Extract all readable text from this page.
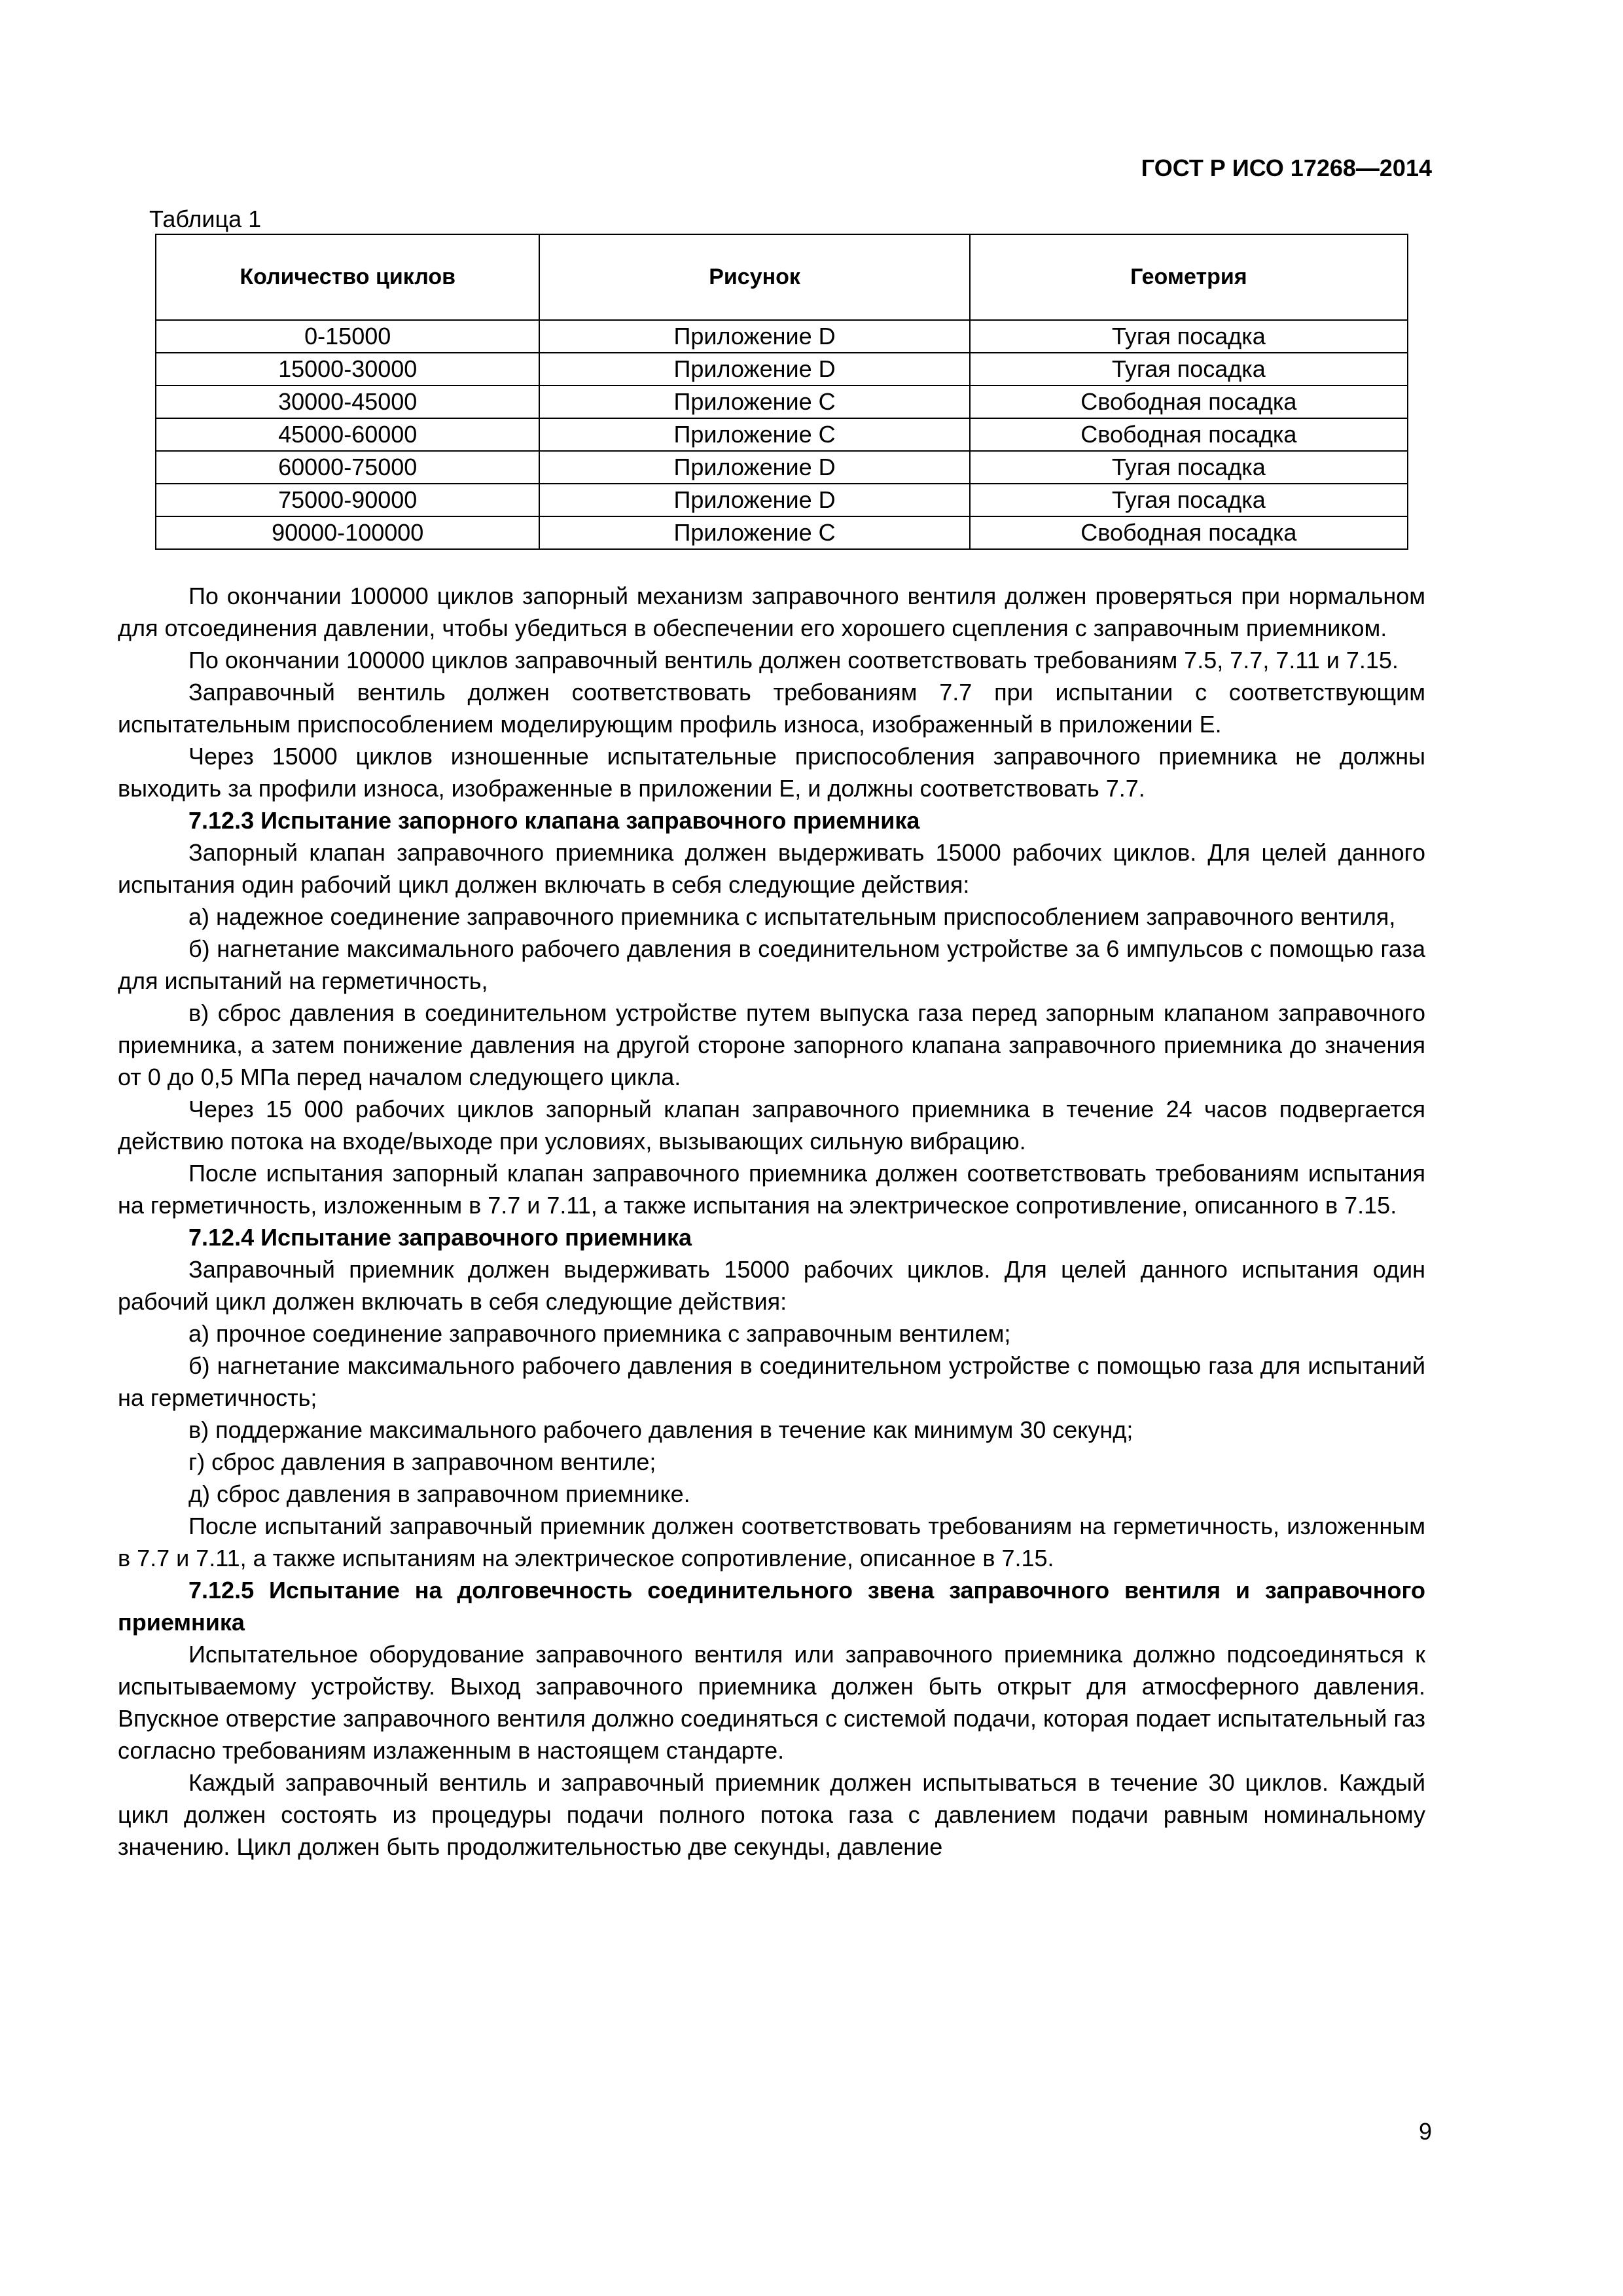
ГОСТ Р ИСО 17268—2014
Таблица 1
Количество циклов	Рисунок	Геометрия
0-15000	Приложение D	Тугая посадка
15000-30000	Приложение D	Тугая посадка
30000-45000	Приложение С	Свободная посадка
45000-60000	Приложение С	Свободная посадка
60000-75000	Приложение D	Тугая посадка
75000-90000	Приложение D	Тугая посадка
90000-100000	Приложение С	Свободная посадка

По окончании 100000 циклов запорный механизм заправочного вентиля должен проверяться при нормальном для отсоединения давлении, чтобы убедиться в обеспечении его хорошего сцепления с заправочным приемником.

По окончании 100000 циклов заправочный вентиль должен соответствовать требованиям 7.5, 7.7, 7.11 и 7.15.

Заправочный вентиль должен соответствовать требованиям 7.7 при испытании с соответствующим испытательным приспособлением моделирующим профиль износа, изображенный в приложении Е.

Через 15000 циклов изношенные испытательные приспособления заправочного приемника не должны выходить за профили износа, изображенные в приложении Е, и должны соответствовать 7.7.

7.12.3 Испытание запорного клапана заправочного приемника

Запорный клапан заправочного приемника должен выдерживать 15000 рабочих циклов. Для целей данного испытания один рабочий цикл должен включать в себя следующие действия:

а) надежное соединение заправочного приемника с испытательным приспособлением заправочного вентиля,

б) нагнетание максимального рабочего давления в соединительном устройстве за 6 импульсов с помощью газа для испытаний на герметичность,

в) сброс давления в соединительном устройстве путем выпуска газа перед запорным клапаном заправочного приемника, а затем понижение давления на другой стороне запорного клапана заправочного приемника до значения от 0 до 0,5 МПа перед началом следующего цикла.

Через 15 000 рабочих циклов запорный клапан заправочного приемника в течение 24 часов подвергается действию потока на входе/выходе при условиях, вызывающих сильную вибрацию.

После испытания запорный клапан заправочного приемника должен соответствовать требованиям испытания на герметичность, изложенным в 7.7 и 7.11, а также испытания на электрическое сопротивление, описанного в 7.15.

7.12.4 Испытание заправочного приемника

Заправочный приемник должен выдерживать 15000 рабочих циклов. Для целей данного испытания один рабочий цикл должен включать в себя следующие действия:

а) прочное соединение заправочного приемника с заправочным вентилем;

б) нагнетание максимального рабочего давления в соединительном устройстве с помощью газа для испытаний на герметичность;

в) поддержание максимального рабочего давления в течение как минимум 30 секунд;

г) сброс давления в заправочном вентиле;

д) сброс давления в заправочном приемнике.

После испытаний заправочный приемник должен соответствовать требованиям на герметичность, изложенным в 7.7 и 7.11, а также испытаниям на электрическое сопротивление, описанное в 7.15.

7.12.5 Испытание на долговечность соединительного звена заправочного вентиля и заправочного приемника

Испытательное оборудование заправочного вентиля или заправочного приемника должно подсоединяться к испытываемому устройству. Выход заправочного приемника должен быть открыт для атмосферного давления. Впускное отверстие заправочного вентиля должно соединяться с системой подачи, которая подает испытательный газ согласно требованиям излаженным в настоящем стандарте.

Каждый заправочный вентиль и заправочный приемник должен испытываться в течение 30 циклов. Каждый цикл должен состоять из процедуры подачи полного потока газа с давлением подачи равным номинальному значению. Цикл должен быть продолжительностью две секунды, давление

9
